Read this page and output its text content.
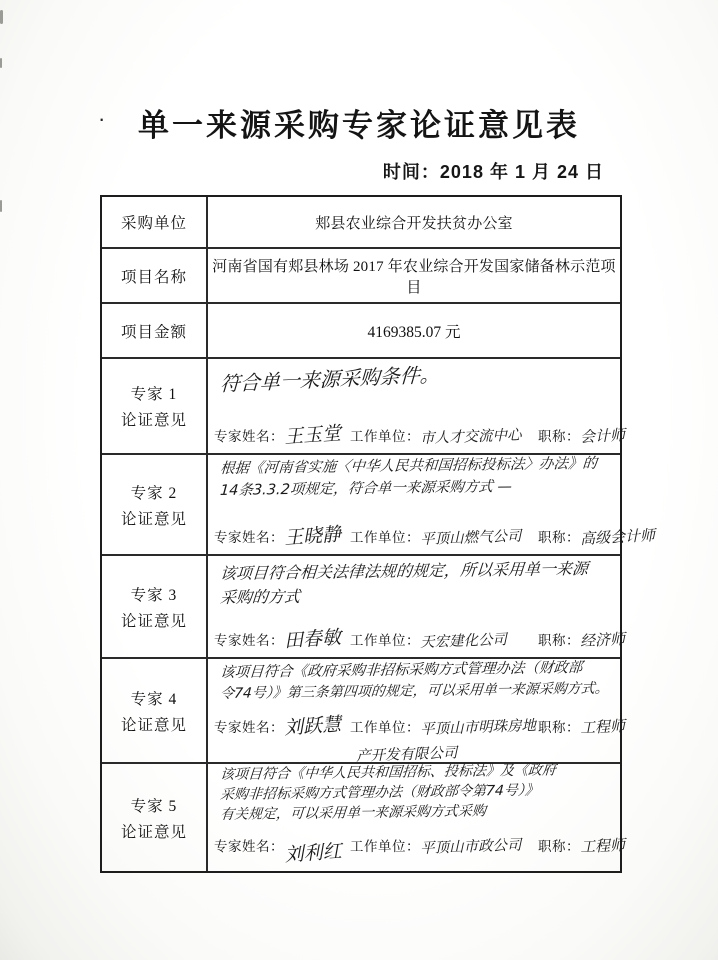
·	单一来源采购专家论证意见表
时间：2018 年 1 月 24 日
采购单位	郏县农业综合开发扶贫办公室
项目名称
河南省国有郏县林场 2017 年农业综合开发国家储备林示范项目
项目金额	4169385.07 元
专家 1
论证意见
符合单一来源采购条件。
专家姓名： 王玉堂 工作单位： 市人才交流中心	职称： 会计师
专家 2
论证意见
根据《河南省实施〈中华人民共和国招标投标法〉办法》的
14条3.3.2项规定，符合单一来源采购方式 —
专家姓名： 王晓静 工作单位： 平顶山燃气公司	职称： 高级会计师
专家 3
论证意见
该项目符合相关法律法规的规定，所以采用单一来源
采购的方式
专家姓名： 田春敏 工作单位： 天宏建化公司	职称： 经济师
专家 4
论证意见
该项目符合《政府采购非招标采购方式管理办法（财政部
令74号）》第三条第四项的规定，可以采用单一来源采购方式。
专家姓名： 刘跃慧 工作单位： 平顶山市明珠房地 职称： 工程师
产开发有限公司
专家 5
论证意见
该项目符合《中华人民共和国招标、投标法》及《政府
采购非招标采购方式管理办法（财政部令第74号）》
有关规定，可以采用单一来源采购方式采购
专家姓名： 刘利红 工作单位： 平顶山市政公司	职称： 工程师
